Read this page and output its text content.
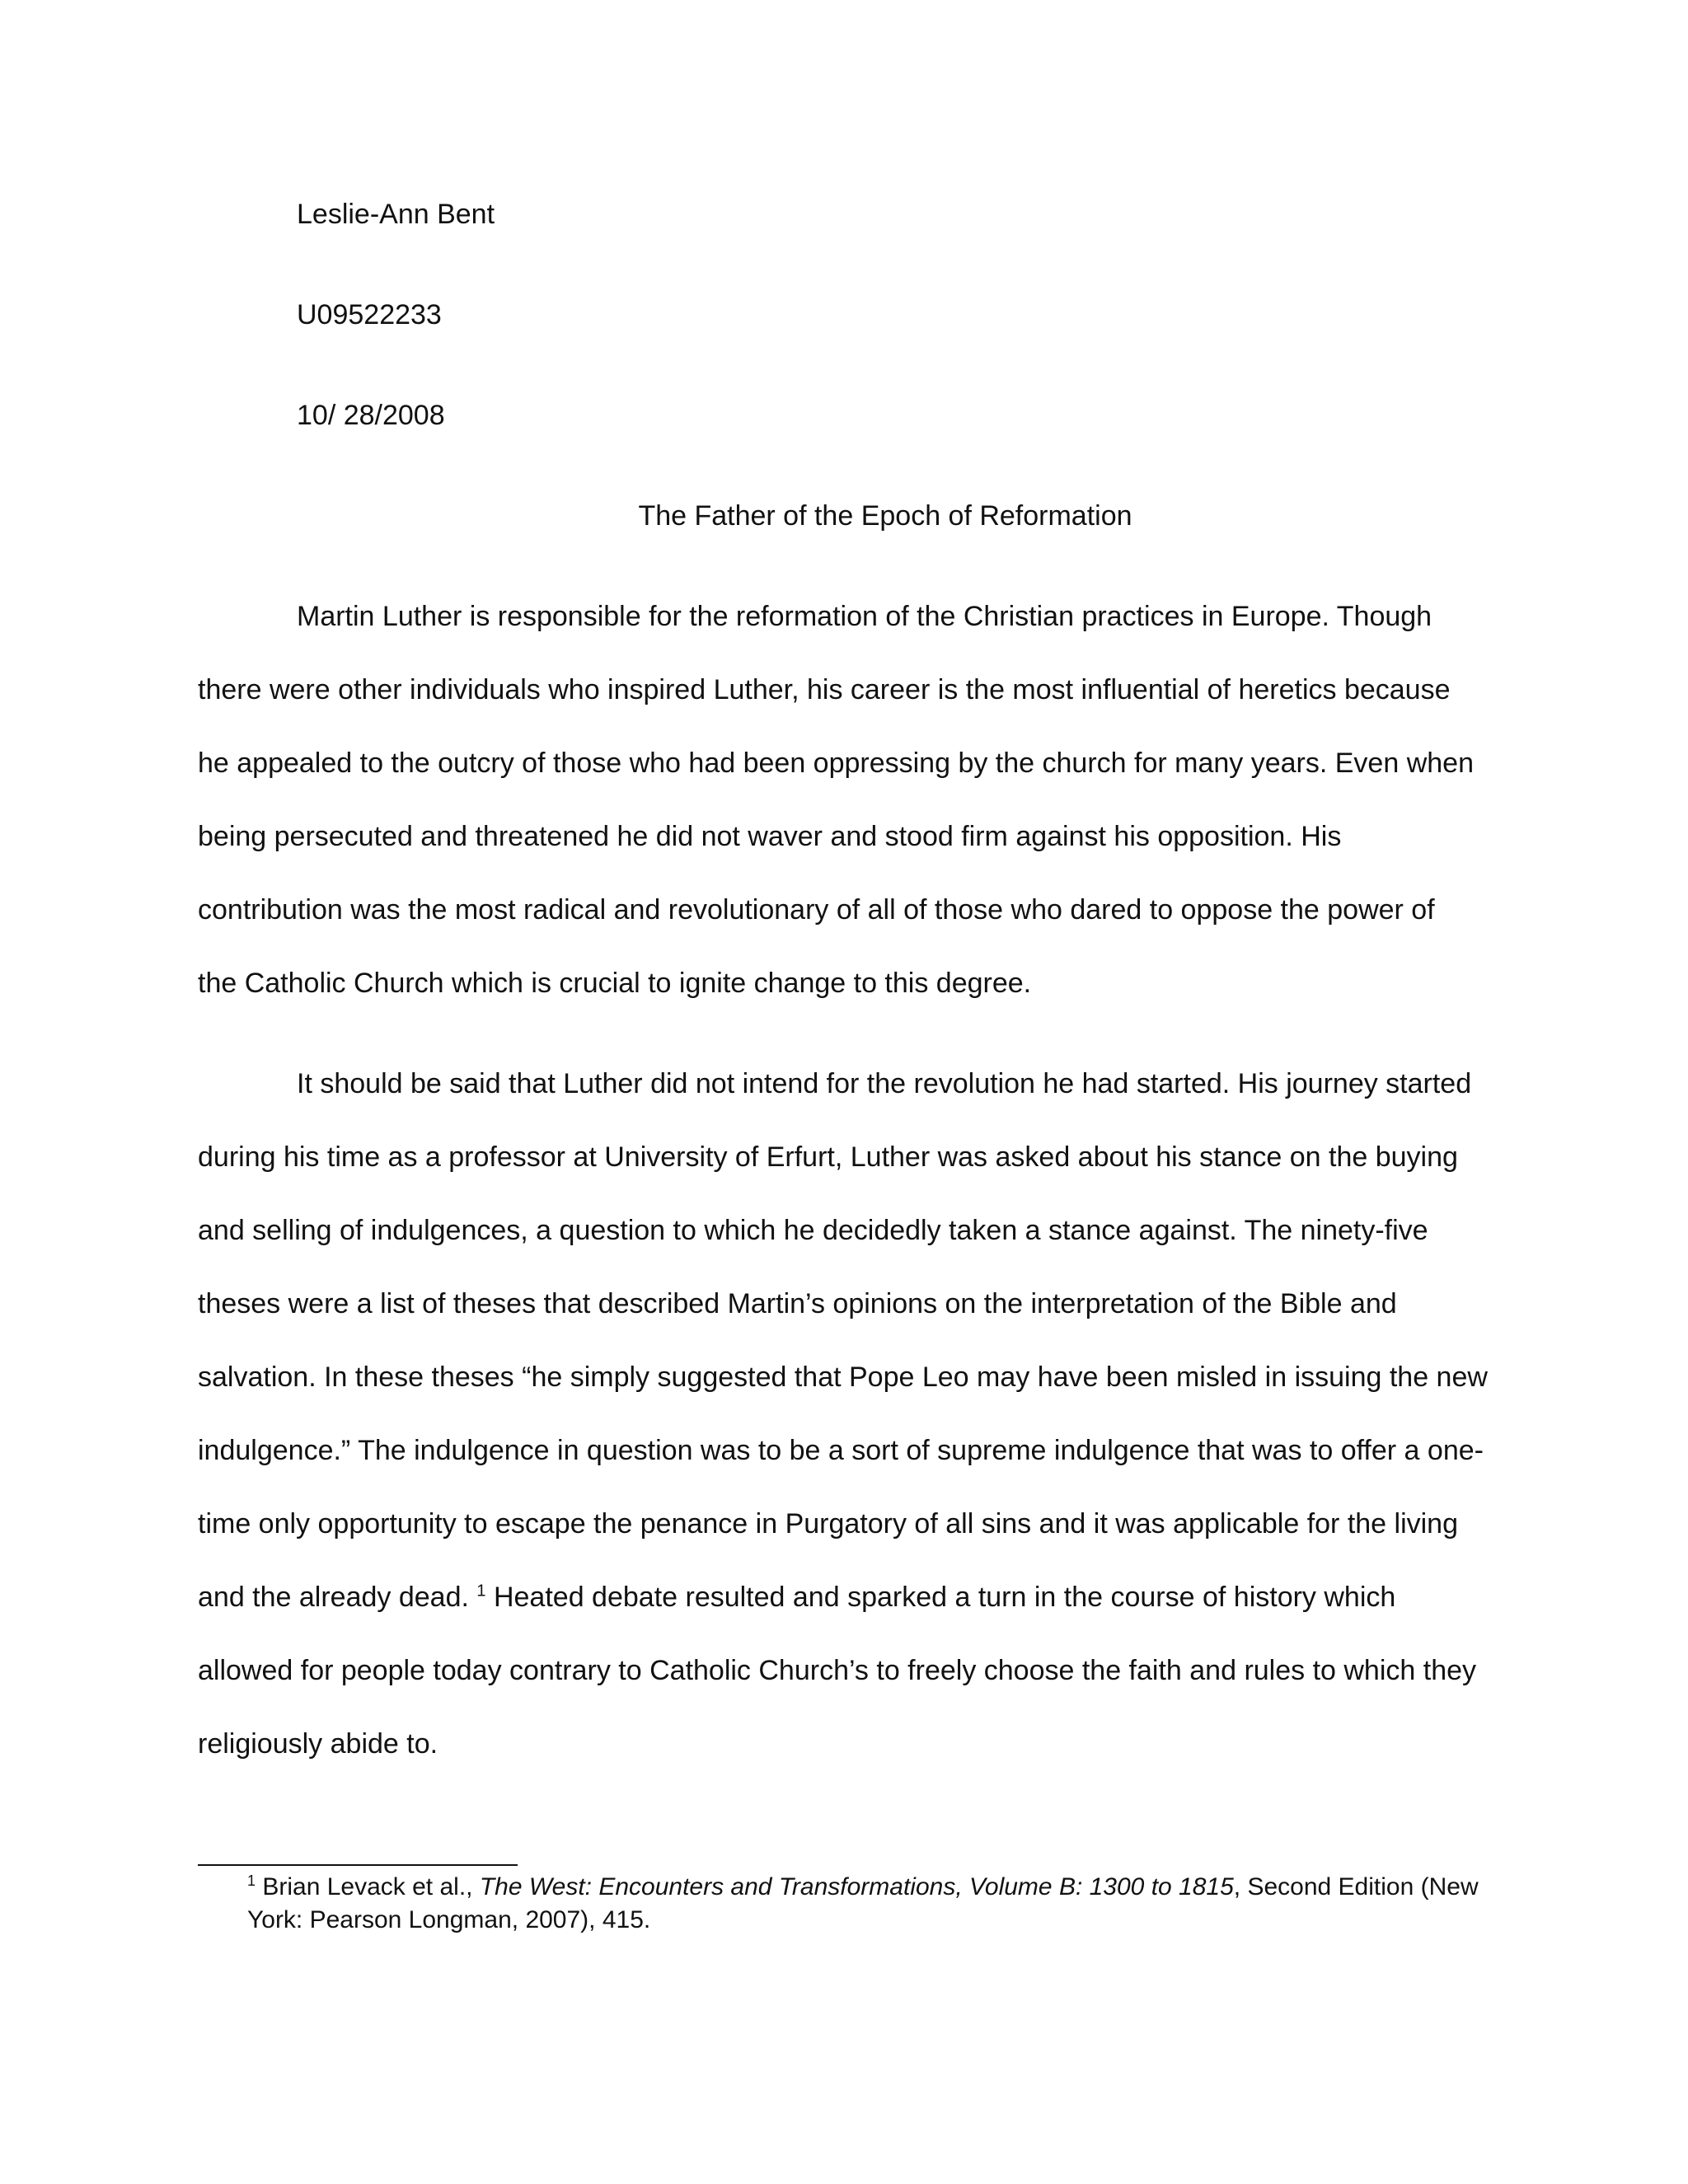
Leslie-Ann Bent

U09522233

10/ 28/2008

The Father of the Epoch of Reformation

Martin Luther is responsible for the reformation of the Christian practices in Europe. Though

there were other individuals who inspired Luther, his career is the most influential of heretics because

he appealed to the outcry of those who had been oppressing by the church for many years. Even when

being persecuted and threatened he did not waver and stood firm against his opposition. His

contribution was the most radical and revolutionary of all of those who dared to oppose the power of

the Catholic Church which is crucial to ignite change to this degree.

It should be said that Luther did not intend for the revolution he had started. His journey started

during his time as a professor at University of Erfurt, Luther was asked about his stance on the buying

and selling of indulgences, a question to which he decidedly taken a stance against. The ninety-five

theses were a list of theses that described Martin’s opinions on the interpretation of the Bible and

salvation. In these theses “he simply suggested that Pope Leo may have been misled in issuing the new

indulgence.” The indulgence in question was to be a sort of supreme indulgence that was to offer a one-

time only opportunity to escape the penance in Purgatory of all sins and it was applicable for the living

and the already dead. $^1$ Heated debate resulted and sparked a turn in the course of history which

allowed for people today contrary to Catholic Church’s to freely choose the faith and rules to which they

religiously abide to.

$^1$ Brian Levack et al., The West: Encounters and Transformations, Volume B: 1300 to 1815, Second Edition (New
York: Pearson Longman, 2007), 415.
